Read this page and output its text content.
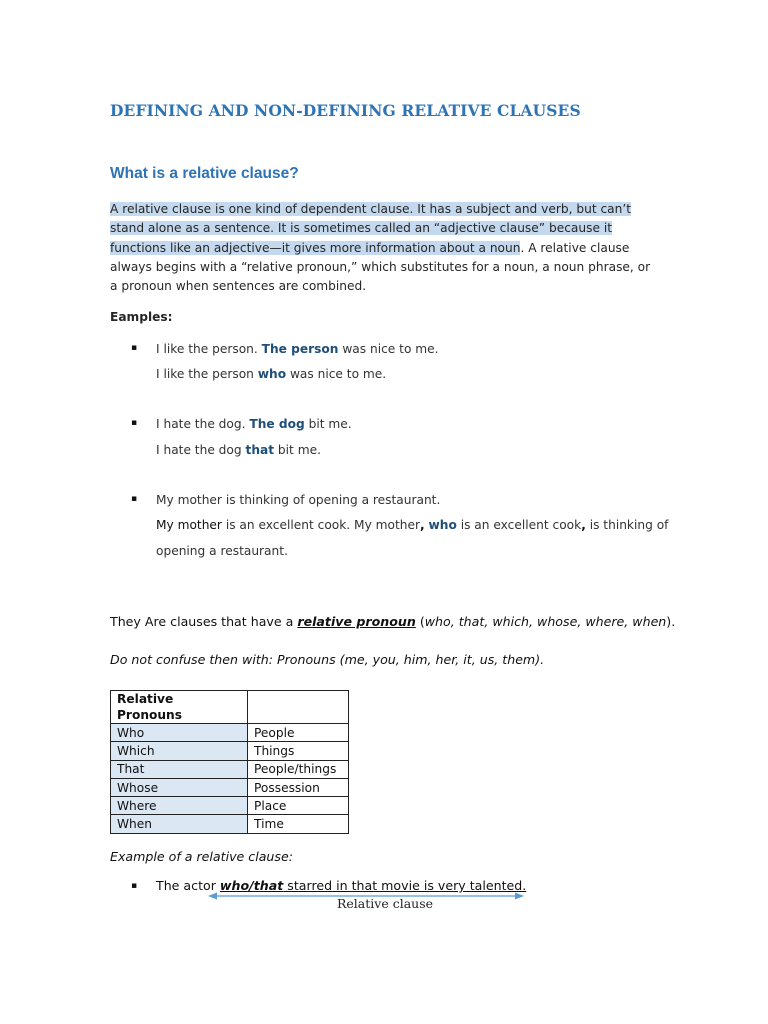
DEFINING AND NON-DEFINING RELATIVE CLAUSES
What is a relative clause?
A relative clause is one kind of dependent clause. It has a subject and verb, but can’t stand alone as a sentence. It is sometimes called an “adjective clause” because it functions like an adjective—it gives more information about a noun. A relative clause always begins with a “relative pronoun,” which substitutes for a noun, a noun phrase, or a pronoun when sentences are combined.
Eamples:
▪ I like the person. The person was nice to me.
I like the person who was nice to me.
▪ I hate the dog. The dog bit me.
I hate the dog that bit me.
▪ My mother is thinking of opening a restaurant.
My mother is an excellent cook. My mother, who is an excellent cook, is thinking of
opening a restaurant.
They Are clauses that have a relative pronoun (who, that, which, whose, where, when).
Do not confuse then with: Pronouns (me, you, him, her, it, us, them).
Relative Pronouns	
Who	People
Which	Things
That	People/things
Whose	Possession
Where	Place
When	Time
Example of a relative clause:
▪ The actor who/that starred in that movie is very talented.
Relative clause
